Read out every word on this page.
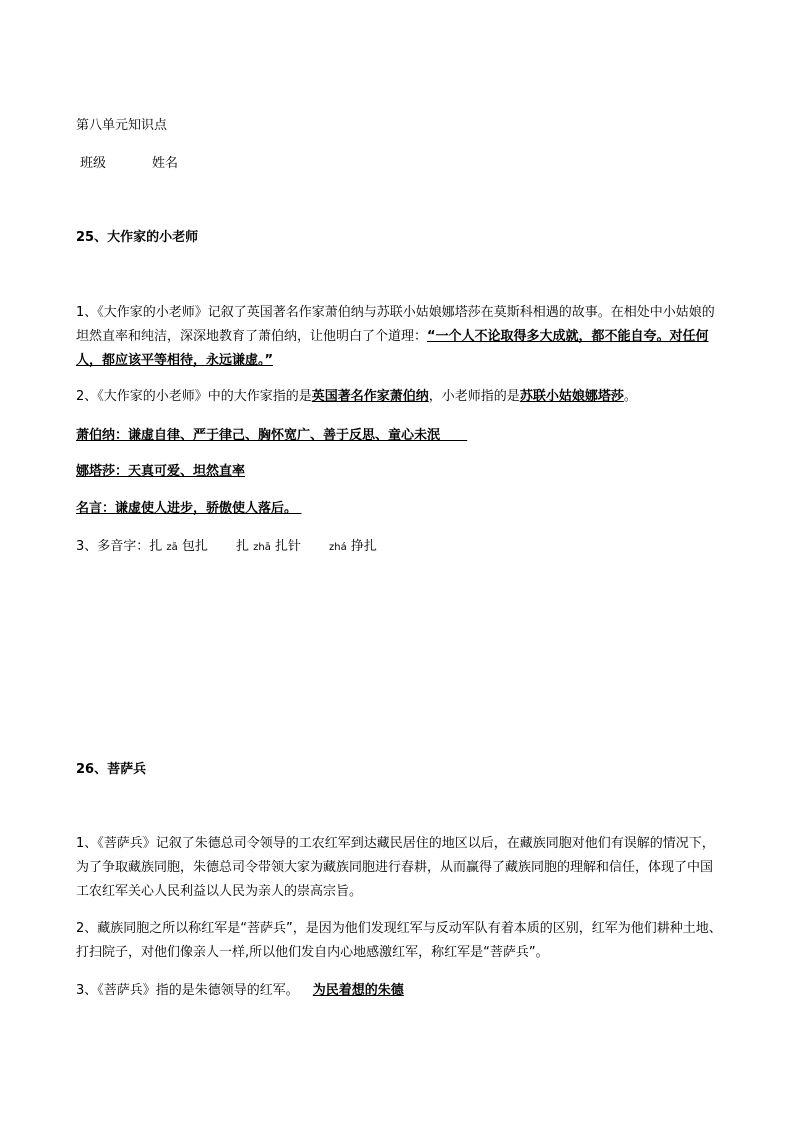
第八单元知识点
班级	姓名
25、大作家的小老师
1、《大作家的小老师》记叙了英国著名作家萧伯纳与苏联小姑娘娜塔莎在莫斯科相遇的故事。在相处中小姑娘的坦然直率和纯洁，深深地教育了萧伯纳，让他明白了个道理：“一个人不论取得多大成就，都不能自夸。对任何人，都应该平等相待，永远谦虚。”
2、《大作家的小老师》中的大作家指的是英国著名作家萧伯纳，小老师指的是苏联小姑娘娜塔莎。
萧伯纳：谦虚自律、严于律己、胸怀宽广、善于反思、童心未泯
娜塔莎：天真可爱、坦然直率
名言：谦虚使人进步，骄傲使人落后。
3、多音字：扎 zā 包扎 扎 zhā 扎针	zhá 挣扎
26、菩萨兵
1、《菩萨兵》记叙了朱德总司令领导的工农红军到达藏民居住的地区以后，在藏族同胞对他们有误解的情况下，为了争取藏族同胞，朱德总司令带领大家为藏族同胞进行春耕，从而赢得了藏族同胞的理解和信任，体现了中国工农红军关心人民利益以人民为亲人的崇高宗旨。
2、藏族同胞之所以称红军是“菩萨兵”，是因为他们发现红军与反动军队有着本质的区别，红军为他们耕种土地、打扫院子，对他们像亲人一样,所以他们发自内心地感激红军，称红军是“菩萨兵”。
3、《菩萨兵》指的是朱德领导的红军。 为民着想的朱德
